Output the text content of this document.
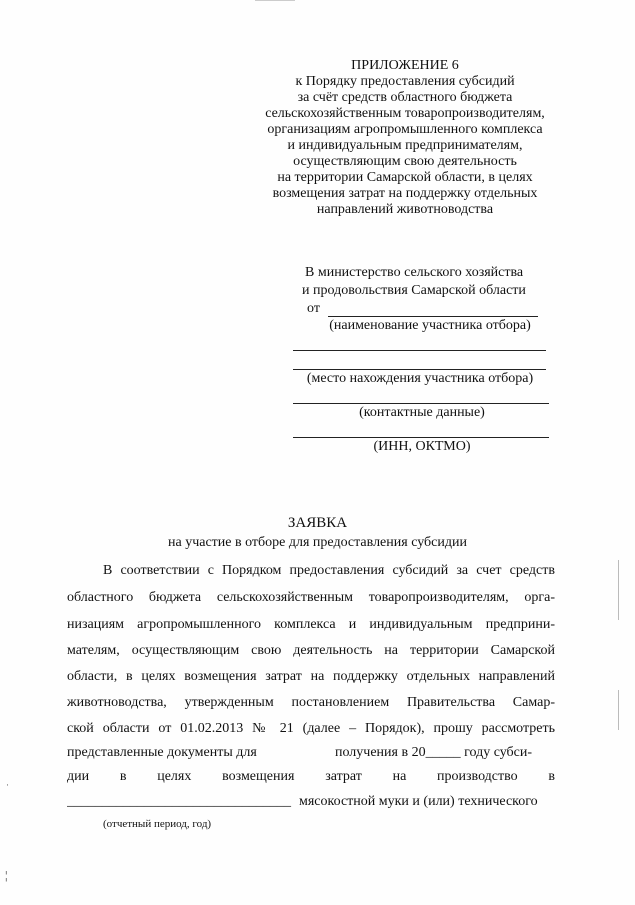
ПРИЛОЖЕНИЕ 6
к Порядку предоставления субсидий
за счёт средств областного бюджета
сельскохозяйственным товаропроизводителям,
организациям агропромышленного комплекса
и индивидуальным предпринимателям,
осуществляющим свою деятельность
на территории Самарской области, в целях
возмещения затрат на поддержку отдельных
направлений животноводства
В министерство сельского хозяйства
и продовольствия Самарской области
от
(наименование участника отбора)
(место нахождения участника отбора)
(контактные данные)
(ИНН, ОКТМО)
ЗАЯВКА
на участие в отборе для предоставления субсидии
В соответствии с Порядком предоставления субсидий за счет средств
областного бюджета сельскохозяйственным товаропроизводителям, орга-
низациям агропромышленного комплекса и индивидуальным предприни-
мателям, осуществляющим свою деятельность на территории Самарской
области, в целях возмещения затрат на поддержку отдельных направлений
животноводства, утвержденным постановлением Правительства Самар-
ской области от 01.02.2013 № 21 (далее – Порядок), прошу рассмотреть
представленные документы для	получения в 20_____ году субси-
дии в целях возмещения затрат на производство в
________________________________ мясокостной муки и (или) технического
(отчетный период, год)
·
¦
